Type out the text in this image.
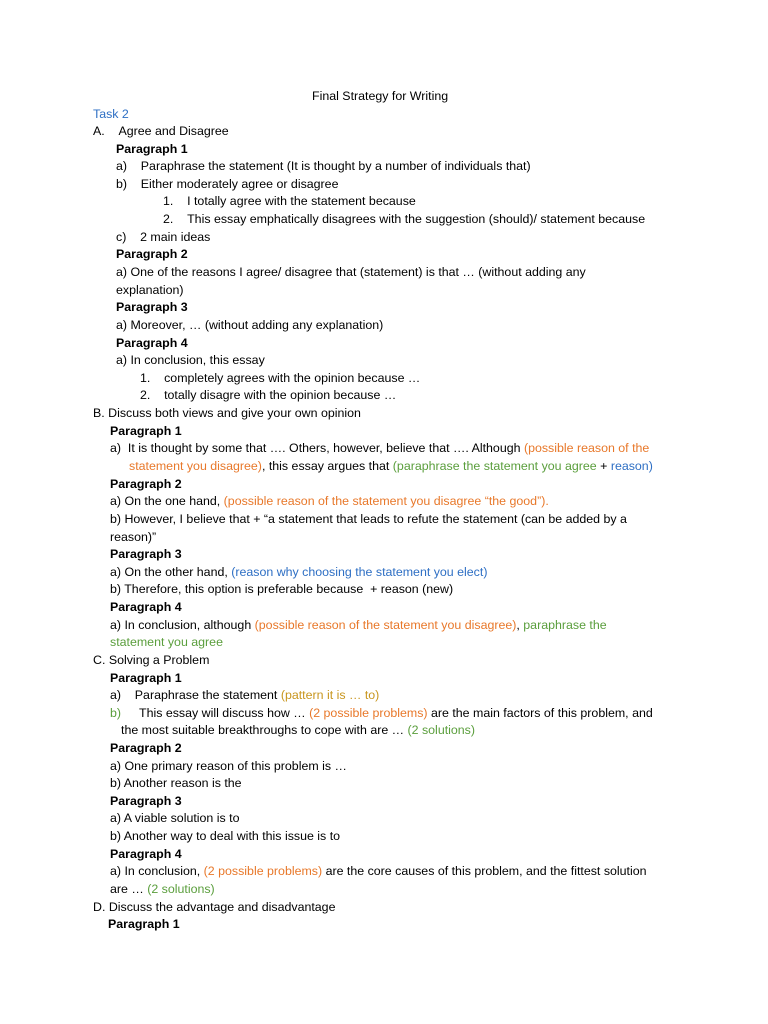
Final Strategy for Writing
Task 2
A.    Agree and Disagree
Paragraph 1
a)    Paraphrase the statement (It is thought by a number of individuals that)
b)    Either moderately agree or disagree
1.    I totally agree with the statement because
2.    This essay emphatically disagrees with the suggestion (should)/ statement because
c)    2 main ideas
Paragraph 2
a) One of the reasons I agree/ disagree that (statement) is that … (without adding any
explanation)
Paragraph 3
a) Moreover, … (without adding any explanation)
Paragraph 4
a) In conclusion, this essay
1.    completely agrees with the opinion because …
2.    totally disagre with the opinion because …
B. Discuss both views and give your own opinion
Paragraph 1
a)  It is thought by some that …. Others, however, believe that …. Although (possible reason of the
statement you disagree), this essay argues that (paraphrase the statement you agree + reason)
Paragraph 2
a) On the one hand, (possible reason of the statement you disagree “the good”).
b) However, I believe that + “a statement that leads to refute the statement (can be added by a
reason)”
Paragraph 3
a) On the other hand, (reason why choosing the statement you elect)
b) Therefore, this option is preferable because  + reason (new)
Paragraph 4
a) In conclusion, although (possible reason of the statement you disagree), paraphrase the
statement you agree
C. Solving a Problem
Paragraph 1
a)    Paraphrase the statement (pattern it is … to)
b) This essay will discuss how … (2 possible problems) are the main factors of this problem, and
the most suitable breakthroughs to cope with are … (2 solutions)
Paragraph 2
a) One primary reason of this problem is …
b) Another reason is the
Paragraph 3
a) A viable solution is to
b) Another way to deal with this issue is to
Paragraph 4
a) In conclusion, (2 possible problems) are the core causes of this problem, and the fittest solution
are … (2 solutions)
D. Discuss the advantage and disadvantage
Paragraph 1
